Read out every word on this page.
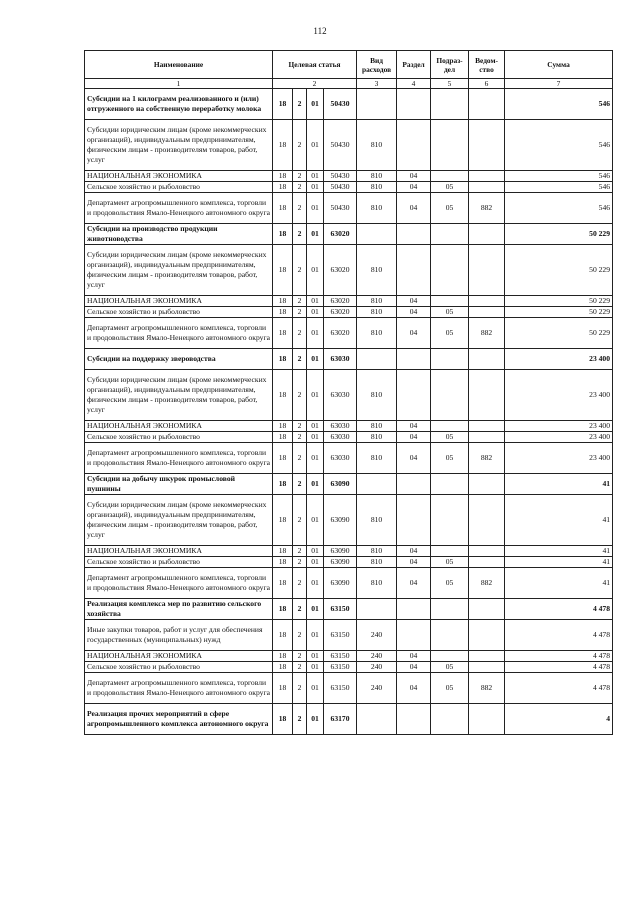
112
Наименование	Целевая статья				Вид расходов	Раздел	Подраз-дел	Ведом-ство	Сумма
1	2				3	4	5	6	7
Субсидии на 1 килограмм реализованного и (или) отгруженного на собственную переработку молока	18	2	01	50430					546
Субсидии юридическим лицам (кроме некоммерческих организаций), индивидуальным предпринимателям, физическим лицам - производителям товаров, работ, услуг	18	2	01	50430	810				546
НАЦИОНАЛЬНАЯ ЭКОНОМИКА	18	2	01	50430	810	04			546
Сельское хозяйство и рыболовство	18	2	01	50430	810	04	05		546
Департамент агропромышленного комплекса, торговли и продовольствия Ямало-Ненецкого автономного округа	18	2	01	50430	810	04	05	882	546
Субсидии на производство продукции животноводства	18	2	01	63020					50 229
Субсидии юридическим лицам (кроме некоммерческих организаций), индивидуальным предпринимателям, физическим лицам - производителям товаров, работ, услуг	18	2	01	63020	810				50 229
НАЦИОНАЛЬНАЯ ЭКОНОМИКА	18	2	01	63020	810	04			50 229
Сельское хозяйство и рыболовство	18	2	01	63020	810	04	05		50 229
Департамент агропромышленного комплекса, торговли и продовольствия Ямало-Ненецкого автономного округа	18	2	01	63020	810	04	05	882	50 229
Субсидии на поддержку звероводства	18	2	01	63030					23 400
Субсидии юридическим лицам (кроме некоммерческих организаций), индивидуальным предпринимателям, физическим лицам - производителям товаров, работ, услуг	18	2	01	63030	810				23 400
НАЦИОНАЛЬНАЯ ЭКОНОМИКА	18	2	01	63030	810	04			23 400
Сельское хозяйство и рыболовство	18	2	01	63030	810	04	05		23 400
Департамент агропромышленного комплекса, торговли и продовольствия Ямало-Ненецкого автономного округа	18	2	01	63030	810	04	05	882	23 400
Субсидии на добычу шкурок промысловой пушнины	18	2	01	63090					41
Субсидии юридическим лицам (кроме некоммерческих организаций), индивидуальным предпринимателям, физическим лицам - производителям товаров, работ, услуг	18	2	01	63090	810				41
НАЦИОНАЛЬНАЯ ЭКОНОМИКА	18	2	01	63090	810	04			41
Сельское хозяйство и рыболовство	18	2	01	63090	810	04	05		41
Департамент агропромышленного комплекса, торговли и продовольствия Ямало-Ненецкого автономного округа	18	2	01	63090	810	04	05	882	41
Реализация комплекса мер по развитию сельского хозяйства	18	2	01	63150					4 478
Иные закупки товаров, работ и услуг для обеспечения государственных (муниципальных) нужд	18	2	01	63150	240				4 478
НАЦИОНАЛЬНАЯ ЭКОНОМИКА	18	2	01	63150	240	04			4 478
Сельское хозяйство и рыболовство	18	2	01	63150	240	04	05		4 478
Департамент агропромышленного комплекса, торговли и продовольствия Ямало-Ненецкого автономного округа	18	2	01	63150	240	04	05	882	4 478
Реализация прочих мероприятий в сфере агропромышленного комплекса автономного округа	18	2	01	63170					4
